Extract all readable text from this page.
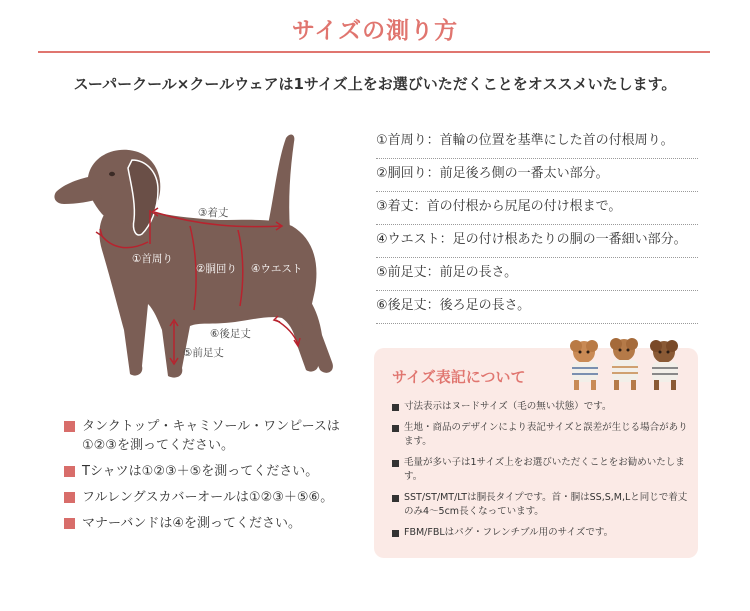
サイズの測り方
スーパークール×クールウェアは1サイズ上をお選びいただくことをオススメいたします。
③着丈
①首周り
②胴回り ④ウエスト
⑥後足丈
⑤前足丈
①首周り：首輪の位置を基準にした首の付根周り。
②胴回り：前足後ろ側の一番太い部分。
③着丈：首の付根から尻尾の付け根まで。
④ウエスト：足の付け根あたりの胴の一番細い部分。
⑤前足丈：前足の長さ。
⑥後足丈：後ろ足の長さ。
サイズ表記について
寸法表示はヌードサイズ（毛の無い状態）です。
生地・商品のデザインにより表記サイズと誤差が生じる場合があります。
毛量が多い子は1サイズ上をお選びいただくことをお勧めいたします。
SST/ST/MT/LTは胴長タイプです。首・胴はSS,S,M,Lと同じで着丈のみ4〜5cm長くなっています。
FBM/FBLはパグ・フレンチブル用のサイズです。
タンクトップ・キャミソール・ワンピースは①②③を測ってください。
Tシャツは①②③＋⑤を測ってください。
フルレングスカバーオールは①②③＋⑤⑥。
マナーバンドは④を測ってください。
